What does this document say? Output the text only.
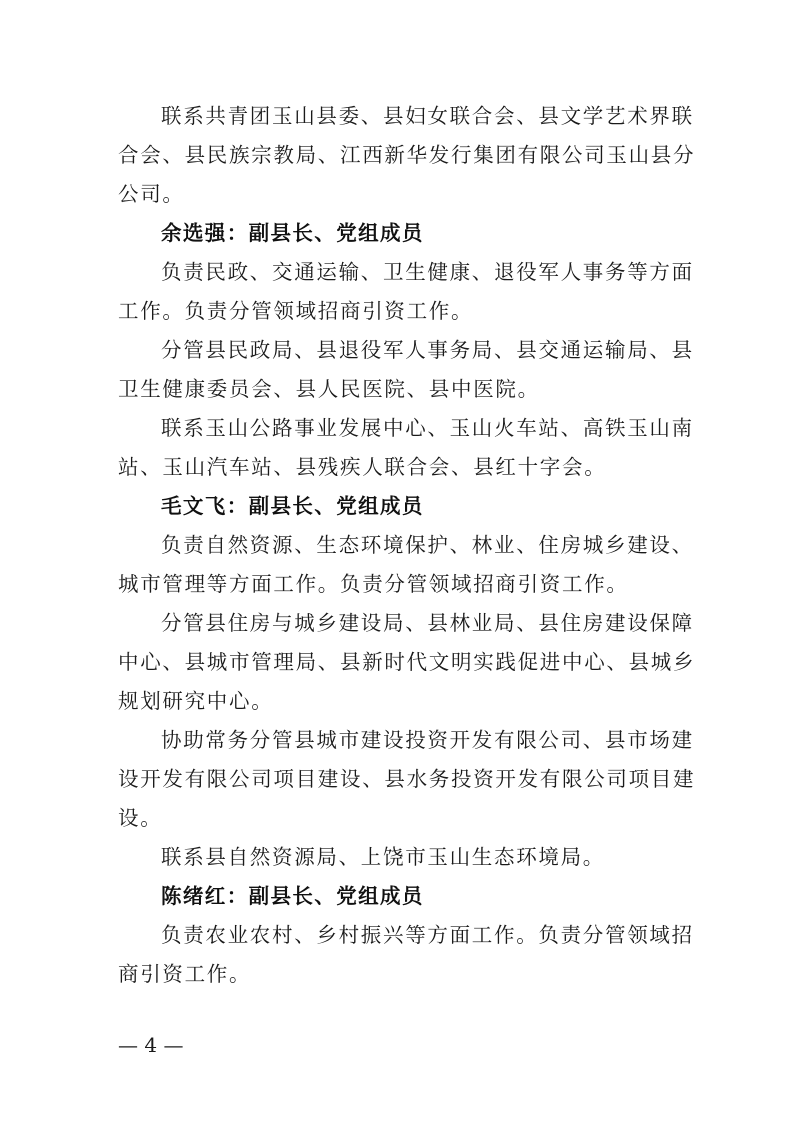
联系共青团玉山县委、县妇女联合会、县文学艺术界联
合会、县民族宗教局、江西新华发行集团有限公司玉山县分
公司。
余选强：副县长、党组成员
负责民政、交通运输、卫生健康、退役军人事务等方面
工作。负责分管领域招商引资工作。
分管县民政局、县退役军人事务局、县交通运输局、县
卫生健康委员会、县人民医院、县中医院。
联系玉山公路事业发展中心、玉山火车站、高铁玉山南
站、玉山汽车站、县残疾人联合会、县红十字会。
毛文飞：副县长、党组成员
负责自然资源、生态环境保护、林业、住房城乡建设、
城市管理等方面工作。负责分管领域招商引资工作。
分管县住房与城乡建设局、县林业局、县住房建设保障
中心、县城市管理局、县新时代文明实践促进中心、县城乡
规划研究中心。
协助常务分管县城市建设投资开发有限公司、县市场建
设开发有限公司项目建设、县水务投资开发有限公司项目建
设。
联系县自然资源局、上饶市玉山生态环境局。
陈绪红：副县长、党组成员
负责农业农村、乡村振兴等方面工作。负责分管领域招
商引资工作。
— 4 —
